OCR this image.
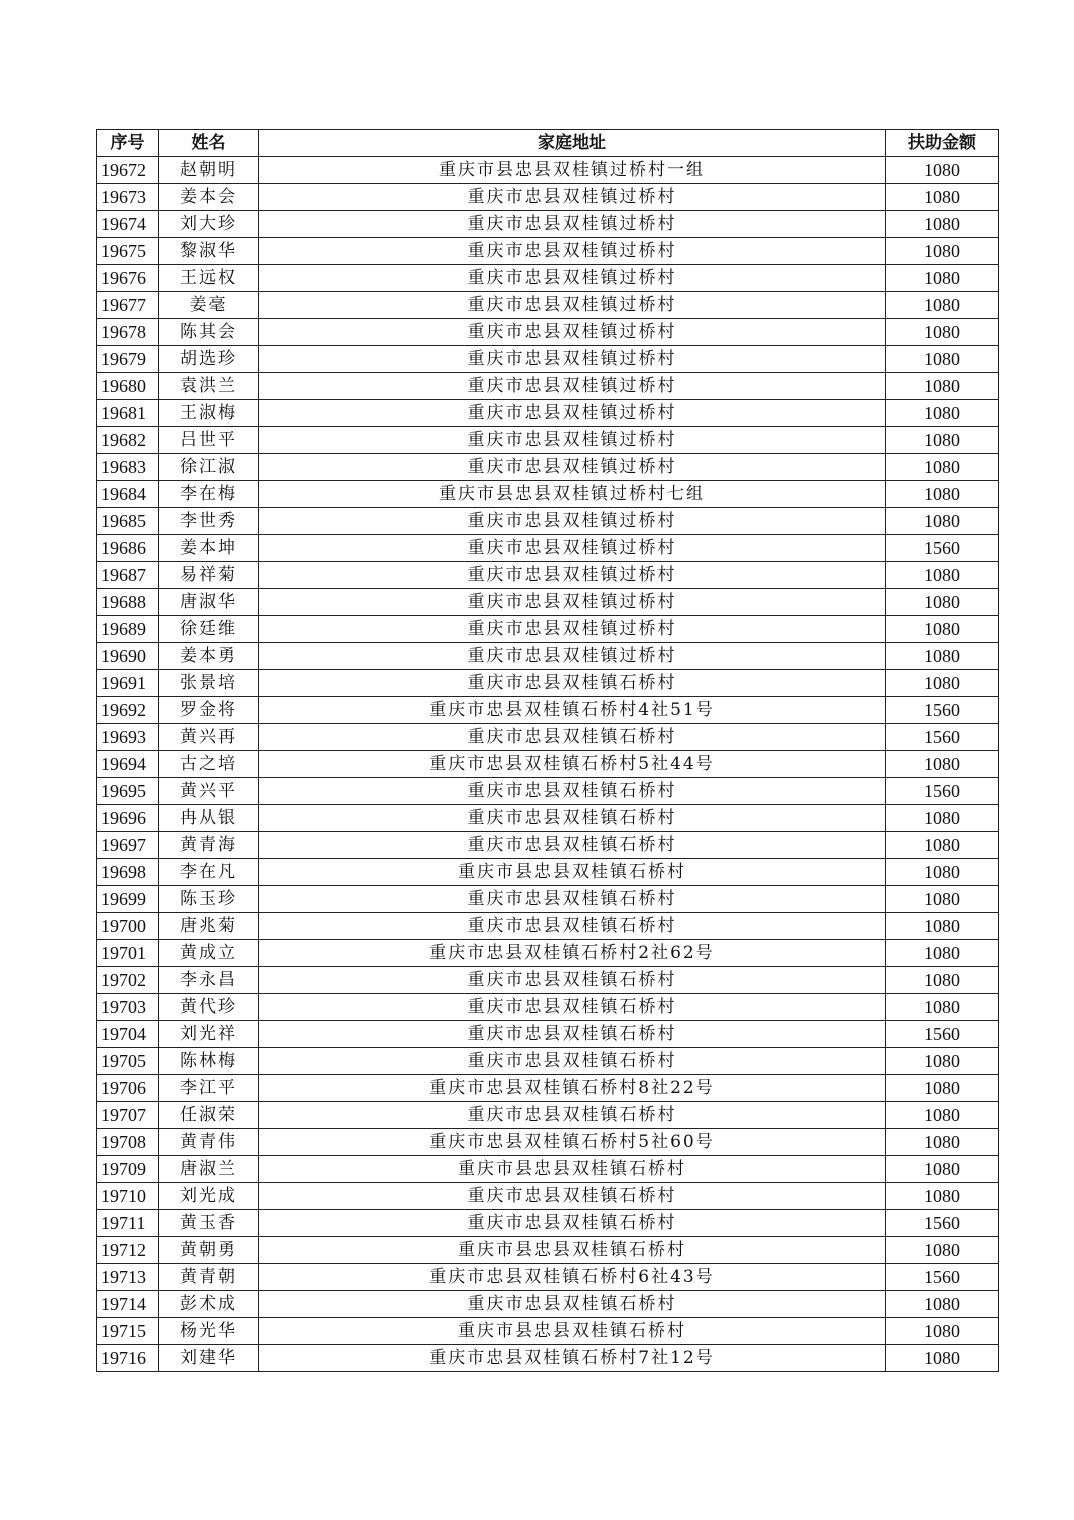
序号	姓名	家庭地址	扶助金额
19672	赵朝明	重庆市县忠县双桂镇过桥村一组	1080
19673	姜本会	重庆市忠县双桂镇过桥村	1080
19674	刘大珍	重庆市忠县双桂镇过桥村	1080
19675	黎淑华	重庆市忠县双桂镇过桥村	1080
19676	王远权	重庆市忠县双桂镇过桥村	1080
19677	姜毫	重庆市忠县双桂镇过桥村	1080
19678	陈其会	重庆市忠县双桂镇过桥村	1080
19679	胡选珍	重庆市忠县双桂镇过桥村	1080
19680	袁洪兰	重庆市忠县双桂镇过桥村	1080
19681	王淑梅	重庆市忠县双桂镇过桥村	1080
19682	吕世平	重庆市忠县双桂镇过桥村	1080
19683	徐江淑	重庆市忠县双桂镇过桥村	1080
19684	李在梅	重庆市县忠县双桂镇过桥村七组	1080
19685	李世秀	重庆市忠县双桂镇过桥村	1080
19686	姜本坤	重庆市忠县双桂镇过桥村	1560
19687	易祥菊	重庆市忠县双桂镇过桥村	1080
19688	唐淑华	重庆市忠县双桂镇过桥村	1080
19689	徐廷维	重庆市忠县双桂镇过桥村	1080
19690	姜本勇	重庆市忠县双桂镇过桥村	1080
19691	张景培	重庆市忠县双桂镇石桥村	1080
19692	罗金将	重庆市忠县双桂镇石桥村4社51号	1560
19693	黄兴再	重庆市忠县双桂镇石桥村	1560
19694	古之培	重庆市忠县双桂镇石桥村5社44号	1080
19695	黄兴平	重庆市忠县双桂镇石桥村	1560
19696	冉从银	重庆市忠县双桂镇石桥村	1080
19697	黄青海	重庆市忠县双桂镇石桥村	1080
19698	李在凡	重庆市县忠县双桂镇石桥村	1080
19699	陈玉珍	重庆市忠县双桂镇石桥村	1080
19700	唐兆菊	重庆市忠县双桂镇石桥村	1080
19701	黄成立	重庆市忠县双桂镇石桥村2社62号	1080
19702	李永昌	重庆市忠县双桂镇石桥村	1080
19703	黄代珍	重庆市忠县双桂镇石桥村	1080
19704	刘光祥	重庆市忠县双桂镇石桥村	1560
19705	陈林梅	重庆市忠县双桂镇石桥村	1080
19706	李江平	重庆市忠县双桂镇石桥村8社22号	1080
19707	任淑荣	重庆市忠县双桂镇石桥村	1080
19708	黄青伟	重庆市忠县双桂镇石桥村5社60号	1080
19709	唐淑兰	重庆市县忠县双桂镇石桥村	1080
19710	刘光成	重庆市忠县双桂镇石桥村	1080
19711	黄玉香	重庆市忠县双桂镇石桥村	1560
19712	黄朝勇	重庆市县忠县双桂镇石桥村	1080
19713	黄青朝	重庆市忠县双桂镇石桥村6社43号	1560
19714	彭术成	重庆市忠县双桂镇石桥村	1080
19715	杨光华	重庆市县忠县双桂镇石桥村	1080
19716	刘建华	重庆市忠县双桂镇石桥村7社12号	1080
